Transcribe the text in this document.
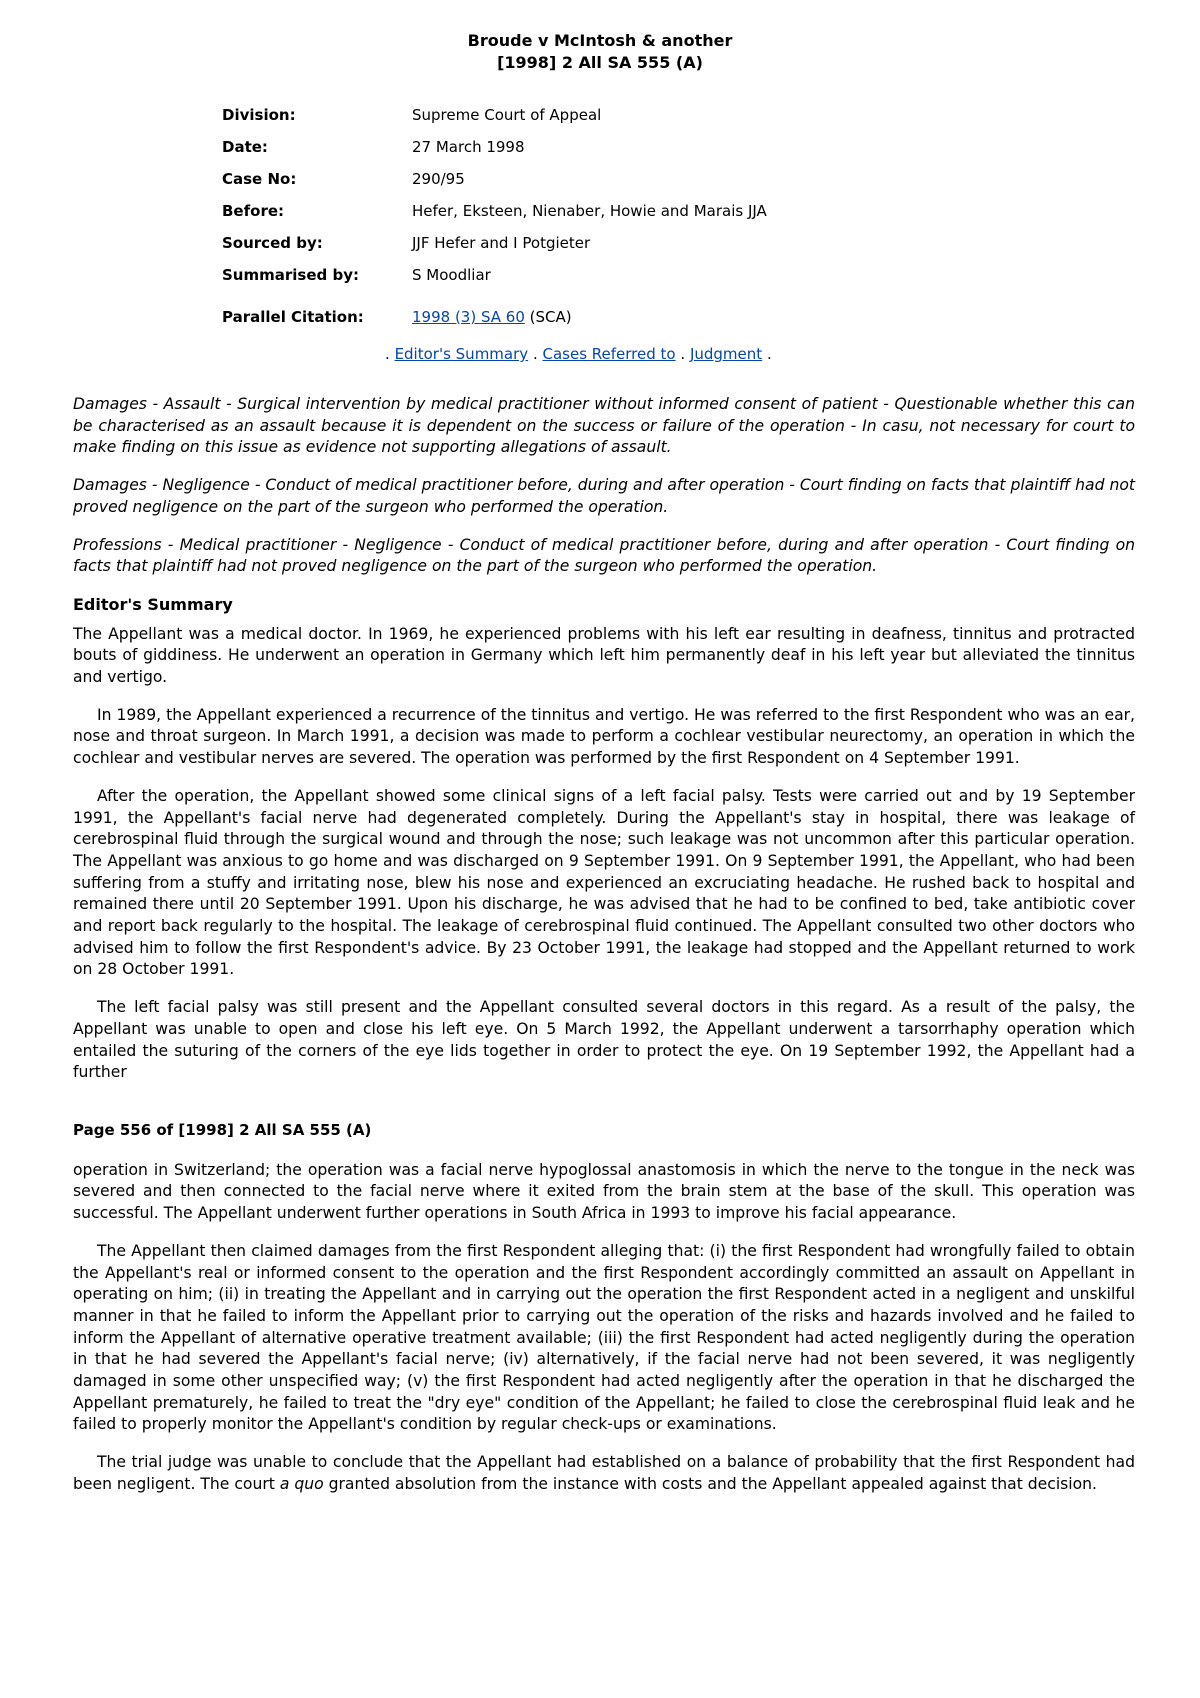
Broude v McIntosh & another
[1998] 2 All SA 555 (A)
Division:	Supreme Court of Appeal
Date:	27 March 1998
Case No:	290/95
Before:	Hefer, Eksteen, Nienaber, Howie and Marais JJA
Sourced by:	JJF Hefer and I Potgieter
Summarised by:	S Moodliar
Parallel Citation:	1998 (3) SA 60 (SCA)
. Editor's Summary . Cases Referred to . Judgment .

Damages - Assault - Surgical intervention by medical practitioner without informed consent of patient - Questionable whether this can be characterised as an assault because it is dependent on the success or failure of the operation - In casu, not necessary for court to make finding on this issue as evidence not supporting allegations of assault.

Damages - Negligence - Conduct of medical practitioner before, during and after operation - Court finding on facts that plaintiff had not proved negligence on the part of the surgeon who performed the operation.

Professions - Medical practitioner - Negligence - Conduct of medical practitioner before, during and after operation - Court finding on facts that plaintiff had not proved negligence on the part of the surgeon who performed the operation.

Editor's Summary

The Appellant was a medical doctor. In 1969, he experienced problems with his left ear resulting in deafness, tinnitus and protracted bouts of giddiness. He underwent an operation in Germany which left him permanently deaf in his left year but alleviated the tinnitus and vertigo.

In 1989, the Appellant experienced a recurrence of the tinnitus and vertigo. He was referred to the first Respondent who was an ear, nose and throat surgeon. In March 1991, a decision was made to perform a cochlear vestibular neurectomy, an operation in which the cochlear and vestibular nerves are severed. The operation was performed by the first Respondent on 4 September 1991.

After the operation, the Appellant showed some clinical signs of a left facial palsy. Tests were carried out and by 19 September 1991, the Appellant's facial nerve had degenerated completely. During the Appellant's stay in hospital, there was leakage of cerebrospinal fluid through the surgical wound and through the nose; such leakage was not uncommon after this particular operation. The Appellant was anxious to go home and was discharged on 9 September 1991. On 9 September 1991, the Appellant, who had been suffering from a stuffy and irritating nose, blew his nose and experienced an excruciating headache. He rushed back to hospital and remained there until 20 September 1991. Upon his discharge, he was advised that he had to be confined to bed, take antibiotic cover and report back regularly to the hospital. The leakage of cerebrospinal fluid continued. The Appellant consulted two other doctors who advised him to follow the first Respondent's advice. By 23 October 1991, the leakage had stopped and the Appellant returned to work on 28 October 1991.

The left facial palsy was still present and the Appellant consulted several doctors in this regard. As a result of the palsy, the Appellant was unable to open and close his left eye. On 5 March 1992, the Appellant underwent a tarsorrhaphy operation which entailed the suturing of the corners of the eye lids together in order to protect the eye. On 19 September 1992, the Appellant had a further

Page 556 of [1998] 2 All SA 555 (A)

operation in Switzerland; the operation was a facial nerve hypoglossal anastomosis in which the nerve to the tongue in the neck was severed and then connected to the facial nerve where it exited from the brain stem at the base of the skull. This operation was successful. The Appellant underwent further operations in South Africa in 1993 to improve his facial appearance.

The Appellant then claimed damages from the first Respondent alleging that: (i) the first Respondent had wrongfully failed to obtain the Appellant's real or informed consent to the operation and the first Respondent accordingly committed an assault on Appellant in operating on him; (ii) in treating the Appellant and in carrying out the operation the first Respondent acted in a negligent and unskilful manner in that he failed to inform the Appellant prior to carrying out the operation of the risks and hazards involved and he failed to inform the Appellant of alternative operative treatment available; (iii) the first Respondent had acted negligently during the operation in that he had severed the Appellant's facial nerve; (iv) alternatively, if the facial nerve had not been severed, it was negligently damaged in some other unspecified way; (v) the first Respondent had acted negligently after the operation in that he discharged the Appellant prematurely, he failed to treat the "dry eye" condition of the Appellant; he failed to close the cerebrospinal fluid leak and he failed to properly monitor the Appellant's condition by regular check-ups or examinations.

The trial judge was unable to conclude that the Appellant had established on a balance of probability that the first Respondent had been negligent. The court a quo granted absolution from the instance with costs and the Appellant appealed against that decision.
